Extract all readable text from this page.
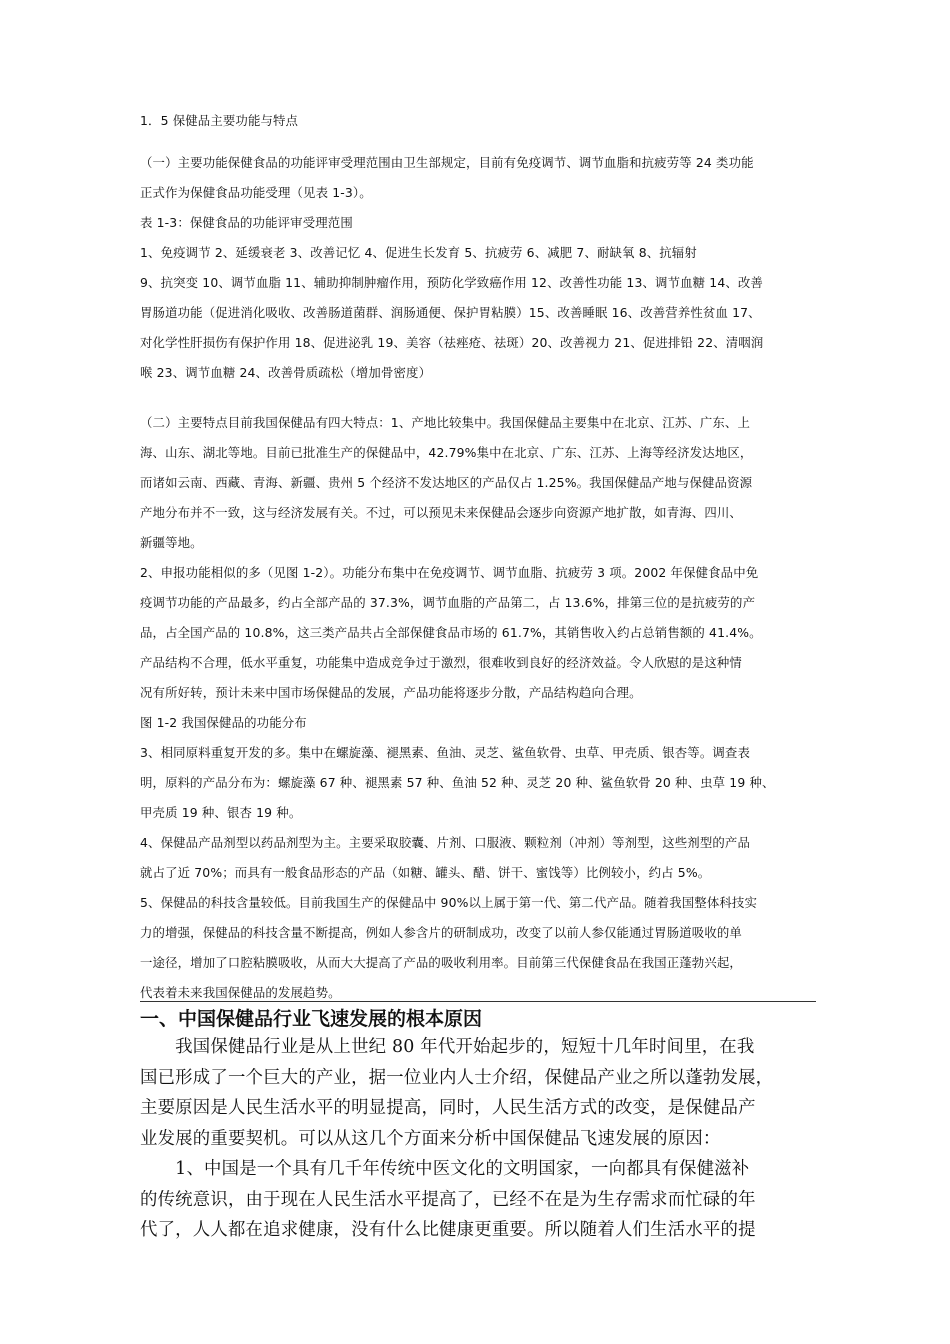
1．5 保健品主要功能与特点
（一）主要功能保健食品的功能评审受理范围由卫生部规定，目前有免疫调节、调节血脂和抗疲劳等 24 类功能
正式作为保健食品功能受理（见表 1-3）。
表 1-3：保健食品的功能评审受理范围
1、免疫调节 2、延缓衰老 3、改善记忆 4、促进生长发育 5、抗疲劳 6、减肥 7、耐缺氧 8、抗辐射
9、抗突变 10、调节血脂 11、辅助抑制肿瘤作用，预防化学致癌作用 12、改善性功能 13、调节血糖 14、改善
胃肠道功能（促进消化吸收、改善肠道菌群、润肠通便、保护胃粘膜）15、改善睡眠 16、改善营养性贫血 17、
对化学性肝损伤有保护作用 18、促进泌乳 19、美容（祛痤疮、祛斑）20、改善视力 21、促进排铅 22、清咽润
喉 23、调节血糖 24、改善骨质疏松（增加骨密度）
（二）主要特点目前我国保健品有四大特点：1、产地比较集中。我国保健品主要集中在北京、江苏、广东、上
海、山东、湖北等地。目前已批准生产的保健品中，42.79%集中在北京、广东、江苏、上海等经济发达地区，
而诸如云南、西藏、青海、新疆、贵州 5 个经济不发达地区的产品仅占 1.25%。我国保健品产地与保健品资源
产地分布并不一致，这与经济发展有关。不过，可以预见未来保健品会逐步向资源产地扩散，如青海、四川、
新疆等地。
2、申报功能相似的多（见图 1-2）。功能分布集中在免疫调节、调节血脂、抗疲劳 3 项。2002 年保健食品中免
疫调节功能的产品最多，约占全部产品的 37.3%，调节血脂的产品第二，占 13.6%，排第三位的是抗疲劳的产
品，占全国产品的 10.8%，这三类产品共占全部保健食品市场的 61.7%，其销售收入约占总销售额的 41.4%。
产品结构不合理，低水平重复，功能集中造成竞争过于激烈，很难收到良好的经济效益。令人欣慰的是这种情
况有所好转，预计未来中国市场保健品的发展，产品功能将逐步分散，产品结构趋向合理。
图 1-2 我国保健品的功能分布
3、相同原料重复开发的多。集中在螺旋藻、褪黑素、鱼油、灵芝、鲨鱼软骨、虫草、甲壳质、银杏等。调查表
明，原料的产品分布为：螺旋藻 67 种、褪黑素 57 种、鱼油 52 种、灵芝 20 种、鲨鱼软骨 20 种、虫草 19 种、
甲壳质 19 种、银杏 19 种。
4、保健品产品剂型以药品剂型为主。主要采取胶囊、片剂、口服液、颗粒剂（冲剂）等剂型，这些剂型的产品
就占了近 70%；而具有一般食品形态的产品（如糖、罐头、醋、饼干、蜜饯等）比例较小，约占 5%。
5、保健品的科技含量较低。目前我国生产的保健品中 90%以上属于第一代、第二代产品。随着我国整体科技实
力的增强，保健品的科技含量不断提高，例如人参含片的研制成功，改变了以前人参仅能通过胃肠道吸收的单
一途径，增加了口腔粘膜吸收，从而大大提高了产品的吸收利用率。目前第三代保健食品在我国正蓬勃兴起，
代表着未来我国保健品的发展趋势。
一、中国保健品行业飞速发展的根本原因
　　我国保健品行业是从上世纪 80 年代开始起步的，短短十几年时间里，在我
国已形成了一个巨大的产业，据一位业内人士介绍，保健品产业之所以蓬勃发展，
主要原因是人民生活水平的明显提高，同时，人民生活方式的改变，是保健品产
业发展的重要契机。可以从这几个方面来分析中国保健品飞速发展的原因：
　　1、中国是一个具有几千年传统中医文化的文明国家，一向都具有保健滋补
的传统意识，由于现在人民生活水平提高了，已经不在是为生存需求而忙碌的年
代了，人人都在追求健康，没有什么比健康更重要。所以随着人们生活水平的提
